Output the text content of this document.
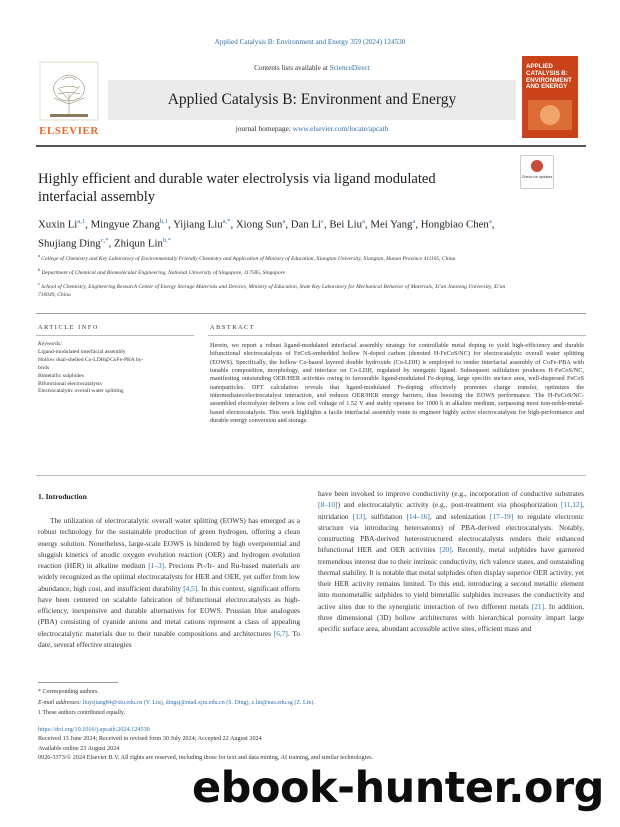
Applied Catalysis B: Environment and Energy 359 (2024) 124530
ELSEVIER
Contents lists available at ScienceDirect
Applied Catalysis B: Environment and Energy
journal homepage: www.elsevier.com/locate/apcatb
APPLIED CATALYSIS B: ENVIRONMENT AND ENERGY
Highly efficient and durable water electrolysis via ligand modulated interfacial assembly
Check for updates
Xuxin Li$^{a,1}$, Mingyue Zhang$^{b,1}$, Yijiang Liu$^{a,*}$, Xiong Sun$^a$, Dan Li$^c$, Bei Liu$^a$, Mei Yang$^a$, Hongbiao Chen$^a$, Shujiang Ding$^{c,*}$, Zhiqun Lin$^{b,*}$

$^a$ College of Chemistry and Key Laboratory of Environmentally Friendly Chemistry and Application of Ministry of Education, Xiangtan University, Xiangtan, Hunan Province 411105, China

$^b$ Department of Chemical and Biomolecular Engineering, National University of Singapore, 117585, Singapore

$^c$ School of Chemistry, Engineering Research Center of Energy Storage Materials and Devices, Ministry of Education, State Key Laboratory for Mechanical Behavior of Materials, Xi'an Jiaotong University, Xi'an 710049, China

ARTICLE INFO	ABSTRACT
Keywords:
Ligand-modulated interfacial assembly
Hollow dual-shelled Co-LDH@CoFe-PBA hy-
brids
Bimetallic sulphides
Bifunctional electrocatalysts
Electrocatalytic overall water splitting
Herein, we report a robust ligand-modulated interfacial assembly strategy for controllable metal doping to yield high-efficiency and durable bifunctional electrocatalysts of FeCoS-embedded hollow N-doped carbon (denoted H-FeCoS/NC) for electrocatalytic overall water splitting (EOWS). Specifically, the hollow Co-based layered double hydroxide (Co-LDH) is employed to render interfacial assembly of CoFe-PBA with tunable composition, morphology, and interface on Co-LDH, regulated by inorganic ligand. Subsequent sulfidation produces H-FeCoS/NC, manifesting outstanding OER/HER activities owing to favourable ligand-modulated Fe-doping, large specific surface area, well-dispersed FeCoS nanoparticles. DFT calculation reveals that ligand-modulated Fe-doping effectively promotes charge transfer, optimizes the intermediates/electrocatalyst interaction, and reduces OER/HER energy barriers, thus boosting the EOWS performance. The H-FeCoS/NC-assembled electrolyzer delivers a low cell voltage of 1.52 V and stably operates for 1000 h in alkaline medium, surpassing most non-noble-metal-based electrocatalysts. This work highlights a facile interfacial assembly route to engineer highly active electrocatalysts for high-performance and durable energy conversion and storage.
1. Introduction
The utilization of electrocatalytic overall water splitting (EOWS) has emerged as a robust technology for the sustainable production of green hydrogen, offering a clean energy solution. Nonetheless, large-scale EOWS is hindered by high overpotential and sluggish kinetics of anodic oxygen evolution reaction (OER) and hydrogen evolution reaction (HER) in alkaline medium [1–3]. Precious Pt-/Ir- and Ru-based materials are widely recognized as the optimal electrocatalysts for HER and OER, yet suffer from low abundance, high cost, and insufficient durability [4,5]. In this context, significant efforts have been centered on scalable fabrication of bifunctional electrocatalysts as high-efficiency, inexpensive and durable alternatives for EOWS. Prussian blue analogues (PBA) consisting of cyanide anions and metal cations represent a class of appealing electrocatalytic materials due to their tunable compositions and architectures [6,7]. To date, several effective strategies
have been invoked to improve conductivity (e.g., incorporation of conductive substrates [8–10]) and electrocatalytic activity (e.g., post-treatment via phosphorization [11,12], nitridation [13], sulfidation [14–16], and selenization [17–19] to regulate electronic structure via introducing heteroatoms) of PBA-derived electrocatalysts. Notably, constructing PBA-derived heterostructured electrocatalysts renders their enhanced bifunctional HER and OER activities [20]. Recently, metal sulphides have garnered tremendous interest due to their intrinsic conductivity, rich valence states, and outstanding thermal stability. It is notable that metal sulphides often display superior OER activity, yet their HER activity remains limited. To this end, introducing a second metallic element into monometallic sulphides to yield bimetallic sulphides increases the conductivity and active sites due to the synergistic interaction of two different metals [21]. In addition, three dimensional (3D) hollow architectures with hierarchical porosity impart large specific surface area, abundant accessible active sites, efficient mass and
* Corresponding authors.
E-mail addresses: liuyijiang84@xtu.edu.cn (Y. Liu), dingsj@mail.xjtu.edu.cn (S. Ding), z.lin@nus.edu.sg (Z. Lin).
1 These authors contributed equally.
https://doi.org/10.1016/j.apcatb.2024.124530
Received 13 June 2024; Received in revised form 30 July 2024; Accepted 22 August 2024
Available online 23 August 2024
0926-3373/© 2024 Elsevier B.V. All rights are reserved, including those for text and data mining, AI training, and similar technologies.
ebook-hunter.org
